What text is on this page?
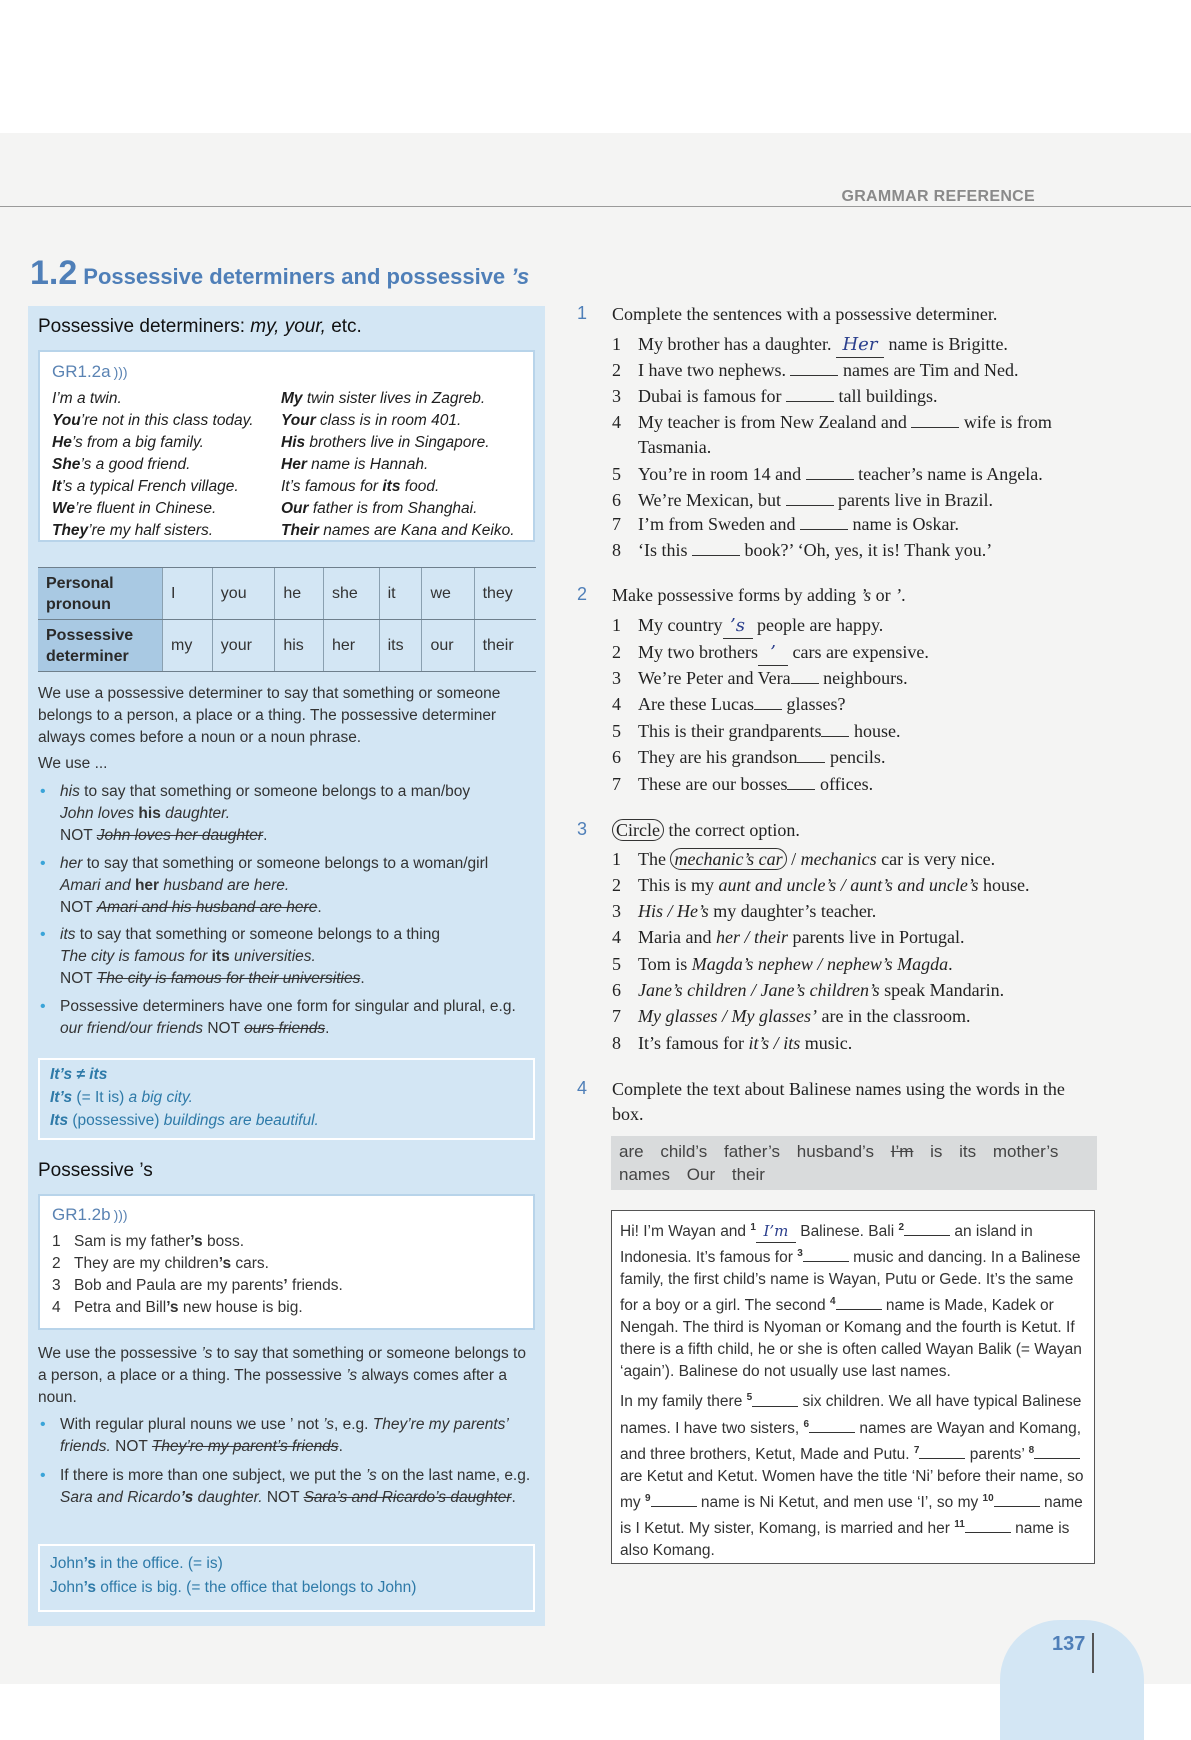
GRAMMAR REFERENCE
1.2 Possessive determiners and possessive ’s
Possessive determiners: my, your, etc.
GR1.2a )))
I’m a twin.
You’re not in this class today.
He’s from a big family.
She’s a good friend.
It’s a typical French village.
We’re fluent in Chinese.
They’re my half sisters.
My twin sister lives in Zagreb.
Your class is in room 401.
His brothers live in Singapore.
Her name is Hannah.
It’s famous for its food.
Our father is from Shanghai.
Their names are Kana and Keiko.
Personal pronoun	I	you	he	she	it	we	they
Possessive determiner	my	your	his	her	its	our	their
We use a possessive determiner to say that something or someone belongs to a person, a place or a thing. The possessive determiner always comes before a noun or a noun phrase.
We use ...
• his to say that something or someone belongs to a man/boy
John loves his daughter.
NOT John loves her daughter.
• her to say that something or someone belongs to a woman/girl
Amari and her husband are here.
NOT Amari and his husband are here.
• its to say that something or someone belongs to a thing
The city is famous for its universities.
NOT The city is famous for their universities.
• Possessive determiners have one form for singular and plural, e.g. our friend/our friends NOT ours friends.
It’s ≠ its
It’s (= It is) a big city.
Its (possessive) buildings are beautiful.
Possessive ’s
GR1.2b )))
1 Sam is my father’s boss.
2 They are my children’s cars.
3 Bob and Paula are my parents’ friends.
4 Petra and Bill’s new house is big.
We use the possessive ’s to say that something or someone belongs to a person, a place or a thing. The possessive ’s always comes after a noun.
• With regular plural nouns we use ’ not ’s, e.g. They’re my parents’ friends. NOT They’re my parent’s friends.
• If there is more than one subject, we put the ’s on the last name, e.g. Sara and Ricardo’s daughter. NOT Sara’s and Ricardo’s daughter.
John’s in the office. (= is)
John’s office is big. (= the office that belongs to John)
1 Complete the sentences with a possessive determiner.
1 My brother has a daughter. Her name is Brigitte.
2 I have two nephews.	names are Tim and Ned.
3 Dubai is famous for	tall buildings.
4 My teacher is from New Zealand and	wife is from
Tasmania.
5 You’re in room 14 and	teacher’s name is Angela.
6 We’re Mexican, but	parents live in Brazil.
7 I’m from Sweden and	name is Oskar.
8 ‘Is this	book?’ ‘Oh, yes, it is! Thank you.’
2 Make possessive forms by adding ’s or ’.
1 My country ’s people are happy.
2 My two brothers ’ cars are expensive.
3 We’re Peter and Vera neighbours.
4 Are these Lucas glasses?
5 This is their grandparents house.
6 They are his grandson pencils.
7 These are our bosses offices.
3 Circle the correct option.
1 The mechanic’s car / mechanics car is very nice.
2 This is my aunt and uncle’s / aunt’s and uncle’s house.
3 His / He’s my daughter’s teacher.
4 Maria and her / their parents live in Portugal.
5 Tom is Magda’s nephew / nephew’s Magda.
6 Jane’s children / Jane’s children’s speak Mandarin.
7 My glasses / My glasses’ are in the classroom.
8 It’s famous for it’s / its music.
4 Complete the text about Balinese names using the words in the box.
are child’s father’s husband’s I’m is its mother’s names Our their

Hi! I’m Wayan and $^1$ I’m Balinese. Bali $^2$	an island in Indonesia. It’s famous for $^3$	music and dancing. In a Balinese family, the first child’s name is Wayan, Putu or Gede. It’s the same for a boy or a girl. The second $^4$	name is Made, Kadek or Nengah. The third is Nyoman or Komang and the fourth is Ketut. If there is a fifth child, he or she is often called Wayan Balik (= Wayan ‘again’). Balinese do not usually use last names.

In my family there $^5$	six children. We all have typical Balinese names. I have two sisters, $^6$	names are Wayan and Komang, and three brothers, Ketut, Made and Putu. $^7$	parents’ $^8$ are Ketut and Ketut. Women have the title ‘Ni’ before their name, so my $^9$	name is Ni Ketut, and men use ‘I’, so my $^{10}$	name is I Ketut. My sister, Komang, is married and her $^{11}$	name is also Komang.

137
